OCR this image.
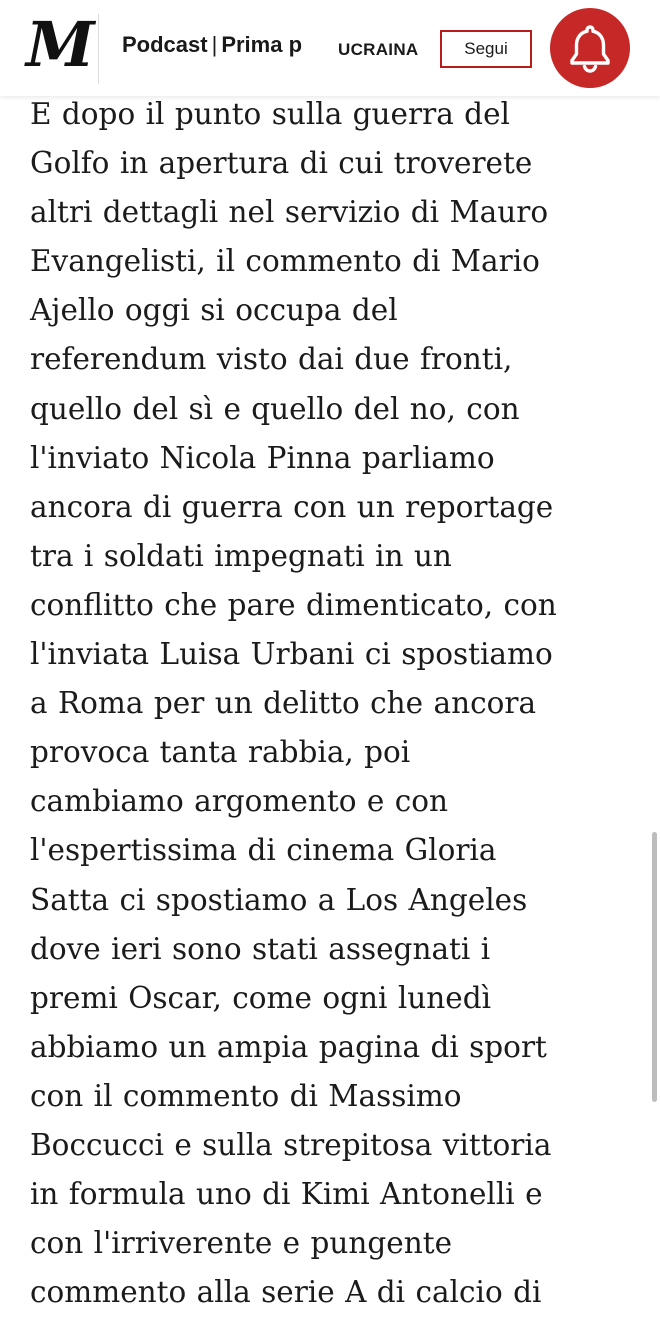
M Podcast | Prima p	UCRAINA	Segui
E dopo il punto sulla guerra del
Golfo in apertura di cui troverete
altri dettagli nel servizio di Mauro
Evangelisti, il commento di Mario
Ajello oggi si occupa del
referendum visto dai due fronti,
quello del sì e quello del no, con
l'inviato Nicola Pinna parliamo
ancora di guerra con un reportage
tra i soldati impegnati in un
conflitto che pare dimenticato, con
l'inviata Luisa Urbani ci spostiamo
a Roma per un delitto che ancora
provoca tanta rabbia, poi
cambiamo argomento e con
l'espertissima di cinema Gloria
Satta ci spostiamo a Los Angeles
dove ieri sono stati assegnati i
premi Oscar, come ogni lunedì
abbiamo un ampia pagina di sport
con il commento di Massimo
Boccucci e sulla strepitosa vittoria
in formula uno di Kimi Antonelli e
con l'irriverente e pungente
commento alla serie A di calcio di
